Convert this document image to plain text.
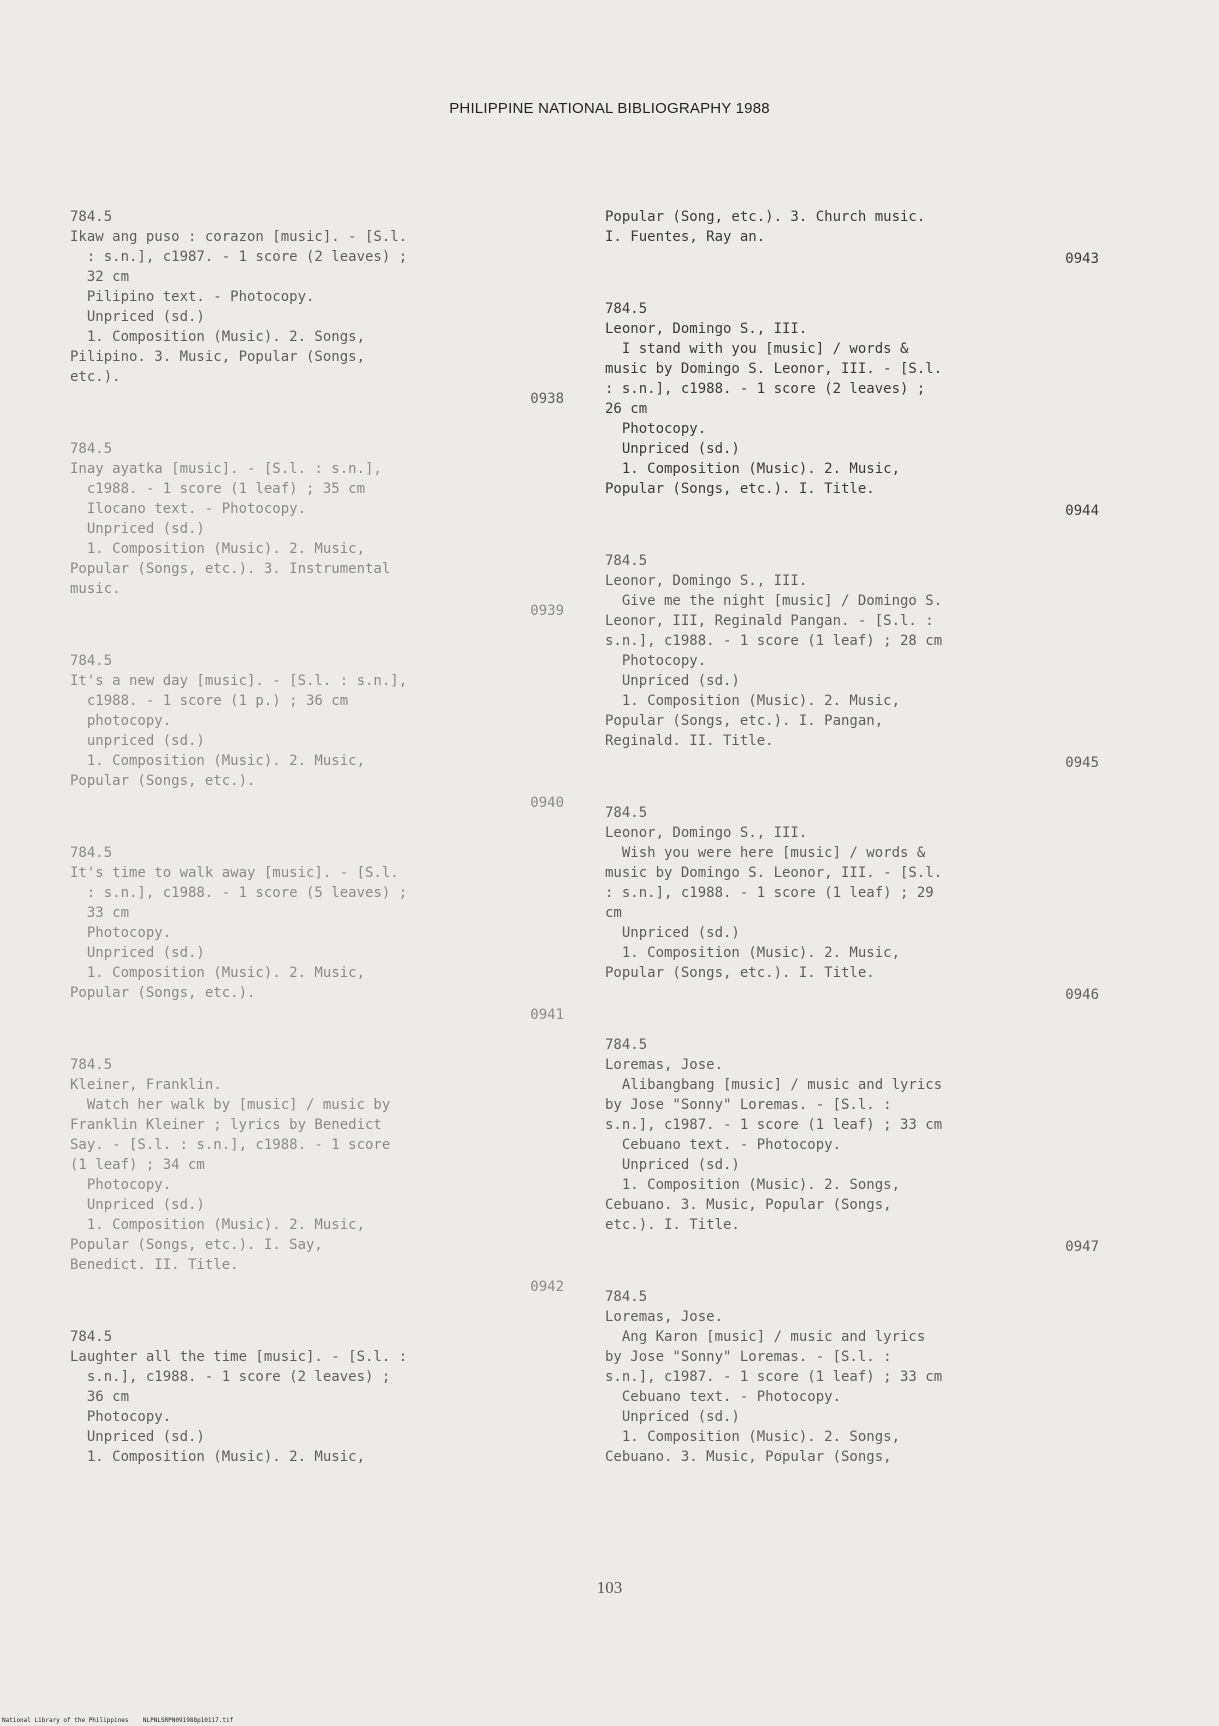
PHILIPPINE NATIONAL BIBLIOGRAPHY 1988
784.5
Ikaw ang puso : corazon [music]. - [S.l.
: s.n.], c1987. - 1 score (2 leaves) ;
32 cm
Pilipino text. - Photocopy.
Unpriced (sd.)
1. Composition (Music). 2. Songs,
Pilipino. 3. Music, Popular (Songs,
etc.).
0938
784.5
Inay ayatka [music]. - [S.l. : s.n.],
c1988. - 1 score (1 leaf) ; 35 cm
Ilocano text. - Photocopy.
Unpriced (sd.)
1. Composition (Music). 2. Music,
Popular (Songs, etc.). 3. Instrumental
music.
0939
784.5
It's a new day [music]. - [S.l. : s.n.],
c1988. - 1 score (1 p.) ; 36 cm
photocopy.
unpriced (sd.)
1. Composition (Music). 2. Music,
Popular (Songs, etc.).
0940
784.5
It's time to walk away [music]. - [S.l.
: s.n.], c1988. - 1 score (5 leaves) ;
33 cm
Photocopy.
Unpriced (sd.)
1. Composition (Music). 2. Music,
Popular (Songs, etc.).
0941
784.5
Kleiner, Franklin.
Watch her walk by [music] / music by
Franklin Kleiner ; lyrics by Benedict
Say. - [S.l. : s.n.], c1988. - 1 score
(1 leaf) ; 34 cm
Photocopy.
Unpriced (sd.)
1. Composition (Music). 2. Music,
Popular (Songs, etc.). I. Say,
Benedict. II. Title.
0942
784.5
Laughter all the time [music]. - [S.l. :
s.n.], c1988. - 1 score (2 leaves) ;
36 cm
Photocopy.
Unpriced (sd.)
1. Composition (Music). 2. Music,
Popular (Song, etc.). 3. Church music.
I. Fuentes, Ray an.
0943
784.5
Leonor, Domingo S., III.
I stand with you [music] / words &
music by Domingo S. Leonor, III. - [S.l.
: s.n.], c1988. - 1 score (2 leaves) ;
26 cm
Photocopy.
Unpriced (sd.)
1. Composition (Music). 2. Music,
Popular (Songs, etc.). I. Title.
0944
784.5
Leonor, Domingo S., III.
Give me the night [music] / Domingo S.
Leonor, III, Reginald Pangan. - [S.l. :
s.n.], c1988. - 1 score (1 leaf) ; 28 cm
Photocopy.
Unpriced (sd.)
1. Composition (Music). 2. Music,
Popular (Songs, etc.). I. Pangan,
Reginald. II. Title.
0945
784.5
Leonor, Domingo S., III.
Wish you were here [music] / words &
music by Domingo S. Leonor, III. - [S.l.
: s.n.], c1988. - 1 score (1 leaf) ; 29
cm
Unpriced (sd.)
1. Composition (Music). 2. Music,
Popular (Songs, etc.). I. Title.
0946
784.5
Loremas, Jose.
Alibangbang [music] / music and lyrics
by Jose "Sonny" Loremas. - [S.l. :
s.n.], c1987. - 1 score (1 leaf) ; 33 cm
Cebuano text. - Photocopy.
Unpriced (sd.)
1. Composition (Music). 2. Songs,
Cebuano. 3. Music, Popular (Songs,
etc.). I. Title.
0947
784.5
Loremas, Jose.
Ang Karon [music] / music and lyrics
by Jose "Sonny" Loremas. - [S.l. :
s.n.], c1987. - 1 score (1 leaf) ; 33 cm
Cebuano text. - Photocopy.
Unpriced (sd.)
1. Composition (Music). 2. Songs,
Cebuano. 3. Music, Popular (Songs,
103
National Library of the Philippines    NLPNLSRPN091988p10117.tif
